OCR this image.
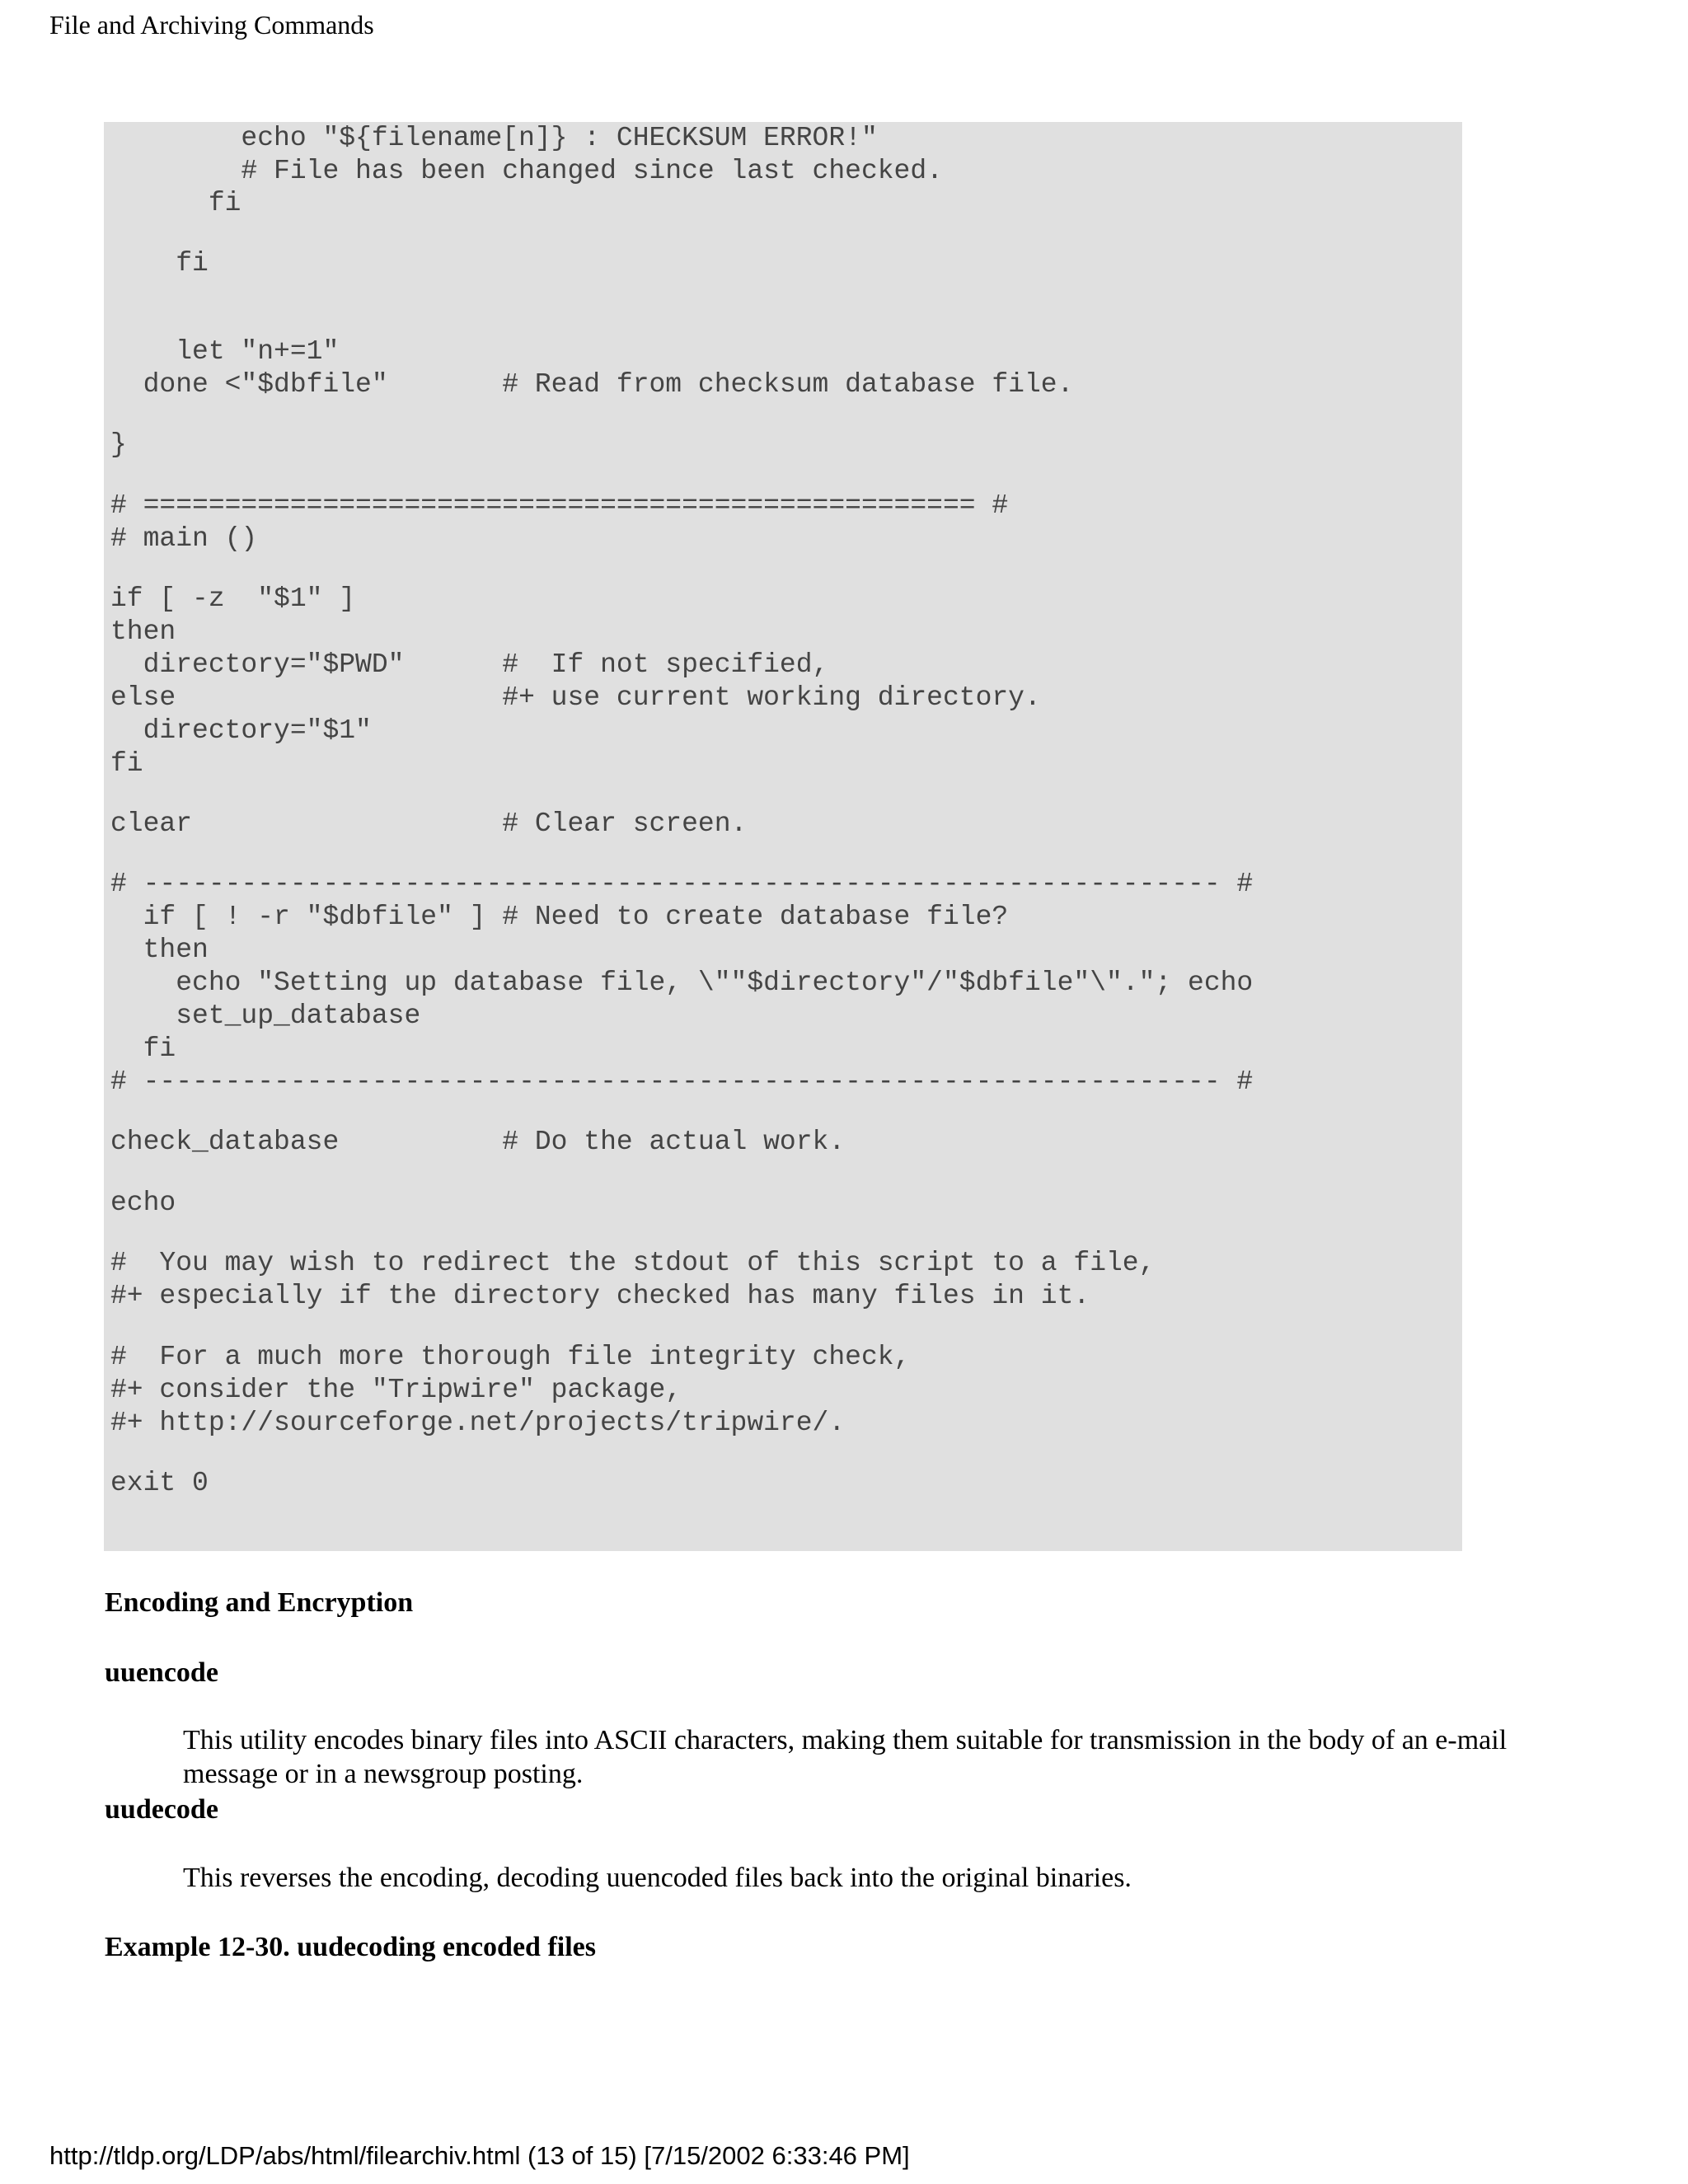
File and Archiving Commands

echo "${filename[n]} : CHECKSUM ERROR!"

# File has been changed since last checked.

fi

fi

let "n+=1"

done <"$dbfile"       # Read from checksum database file.

}

# =================================================== #

# main ()

if [ -z  "$1" ]

then

directory="$PWD"      #  If not specified,

else                    #+ use current working directory.

directory="$1"

fi

clear                   # Clear screen.

# ------------------------------------------------------------------ #

if [ ! -r "$dbfile" ] # Need to create database file?

then

echo "Setting up database file, \""$directory"/"$dbfile"\"."; echo

set_up_database

fi

# ------------------------------------------------------------------ #

check_database          # Do the actual work.

echo

#  You may wish to redirect the stdout of this script to a file,

#+ especially if the directory checked has many files in it.

#  For a much more thorough file integrity check,

#+ consider the "Tripwire" package,

#+ http://sourceforge.net/projects/tripwire/.

exit 0

Encoding and Encryption
uuencode
This utility encodes binary files into ASCII characters, making them suitable for transmission in the body of an e-mail message or in a newsgroup posting.
uudecode
This reverses the encoding, decoding uuencoded files back into the original binaries.
Example 12-30. uudecoding encoded files
http://tldp.org/LDP/abs/html/filearchiv.html (13 of 15) [7/15/2002 6:33:46 PM]
